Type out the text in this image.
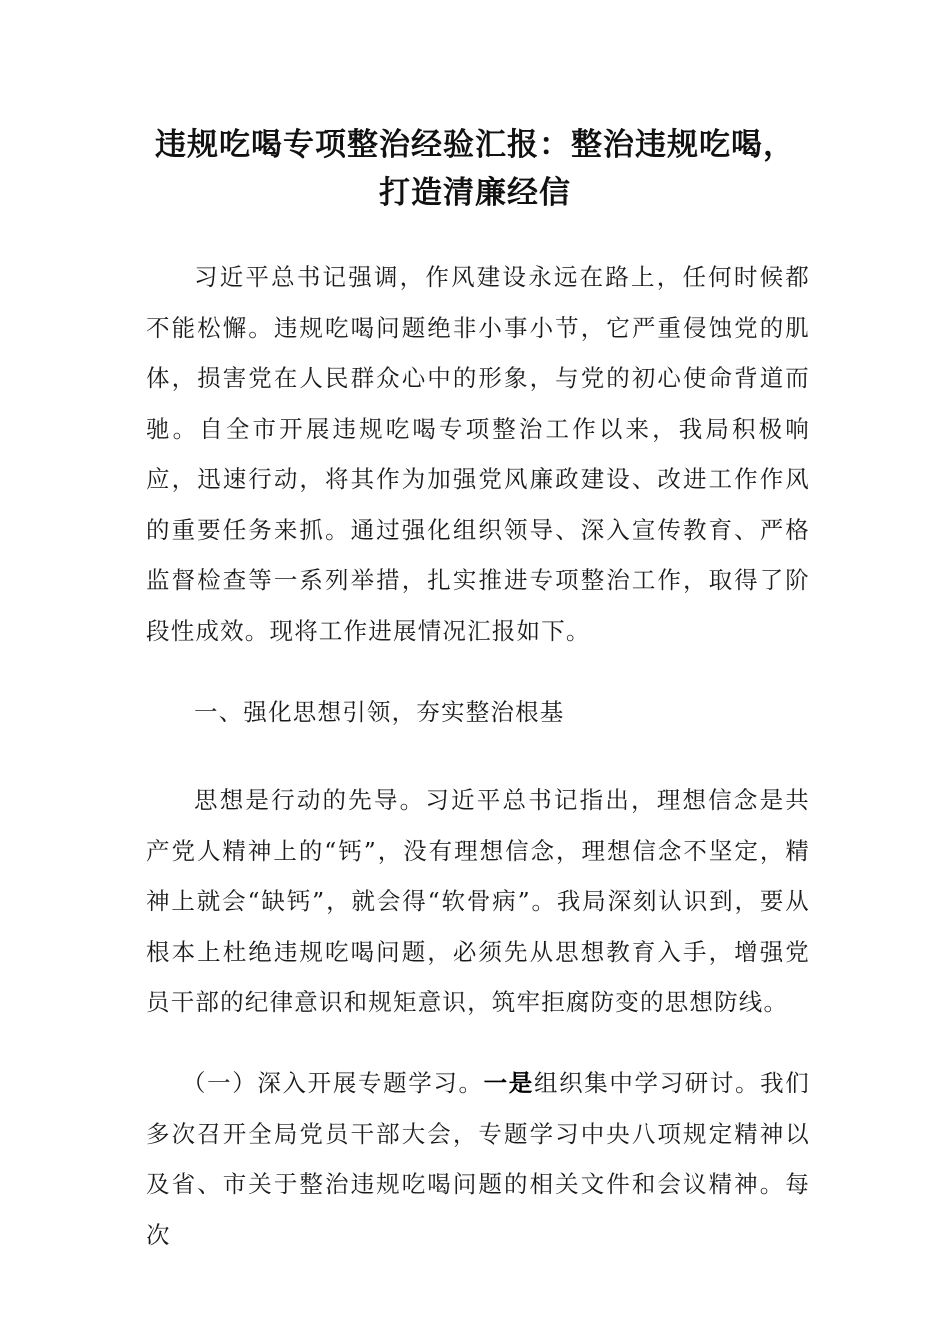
违规吃喝专项整治经验汇报：整治违规吃喝，
打造清廉经信

习近平总书记强调，作风建设永远在路上，任何时候都不能松懈。违规吃喝问题绝非小事小节，它严重侵蚀党的肌体，损害党在人民群众心中的形象，与党的初心使命背道而驰。自全市开展违规吃喝专项整治工作以来，我局积极响应，迅速行动，将其作为加强党风廉政建设、改进工作作风的重要任务来抓。通过强化组织领导、深入宣传教育、严格监督检查等一系列举措，扎实推进专项整治工作，取得了阶段性成效。现将工作进展情况汇报如下。

一、强化思想引领，夯实整治根基

思想是行动的先导。习近平总书记指出，理想信念是共产党人精神上的“钙”，没有理想信念，理想信念不坚定，精神上就会“缺钙”，就会得“软骨病”。我局深刻认识到，要从根本上杜绝违规吃喝问题，必须先从思想教育入手，增强党员干部的纪律意识和规矩意识，筑牢拒腐防变的思想防线。

（一）深入开展专题学习。一是组织集中学习研讨。我们多次召开全局党员干部大会，专题学习中央八项规定精神以及省、市关于整治违规吃喝问题的相关文件和会议精神。每次
